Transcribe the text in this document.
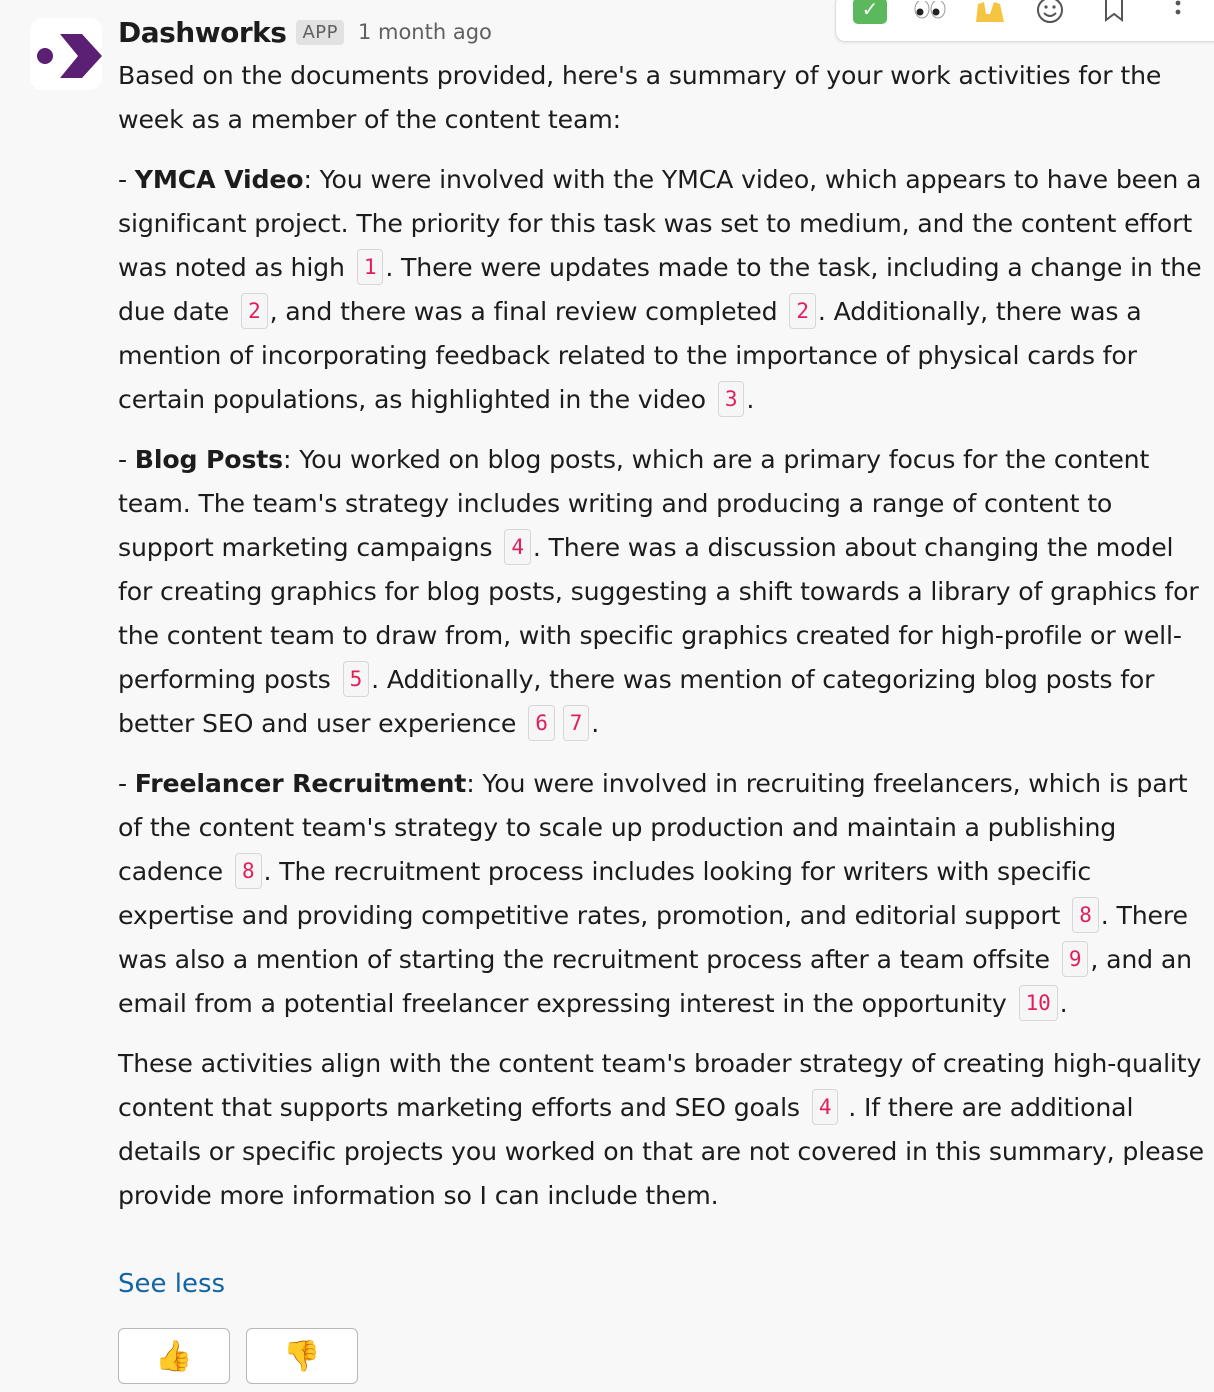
Dashworks APP 1 month ago
✓

Based on the documents provided, here's a summary of your work activities for the week as a member of the content team:

- YMCA Video: You were involved with the YMCA video, which appears to have been a significant project. The priority for this task was set to medium, and the content effort was noted as high 1 . There were updates made to the task, including a change in the due date 2 , and there was a final review completed 2 . Additionally, there was a mention of incorporating feedback related to the importance of physical cards for certain populations, as highlighted in the video 3 .

- Blog Posts: You worked on blog posts, which are a primary focus for the content team. The team's strategy includes writing and producing a range of content to support marketing campaigns 4 . There was a discussion about changing the model for creating graphics for blog posts, suggesting a shift towards a library of graphics for the content team to draw from, with specific graphics created for high-profile or well-performing posts 5 . Additionally, there was mention of categorizing blog posts for better SEO and user experience 6 7 .

- Freelancer Recruitment: You were involved in recruiting freelancers, which is part of the content team's strategy to scale up production and maintain a publishing cadence 8 . The recruitment process includes looking for writers with specific expertise and providing competitive rates, promotion, and editorial support 8 . There was also a mention of starting the recruitment process after a team offsite 9 , and an email from a potential freelancer expressing interest in the opportunity 10 .

These activities align with the content team's broader strategy of creating high-quality content that supports marketing efforts and SEO goals 4 . If there are additional details or specific projects you worked on that are not covered in this summary, please provide more information so I can include them.

See less
👍	👎
